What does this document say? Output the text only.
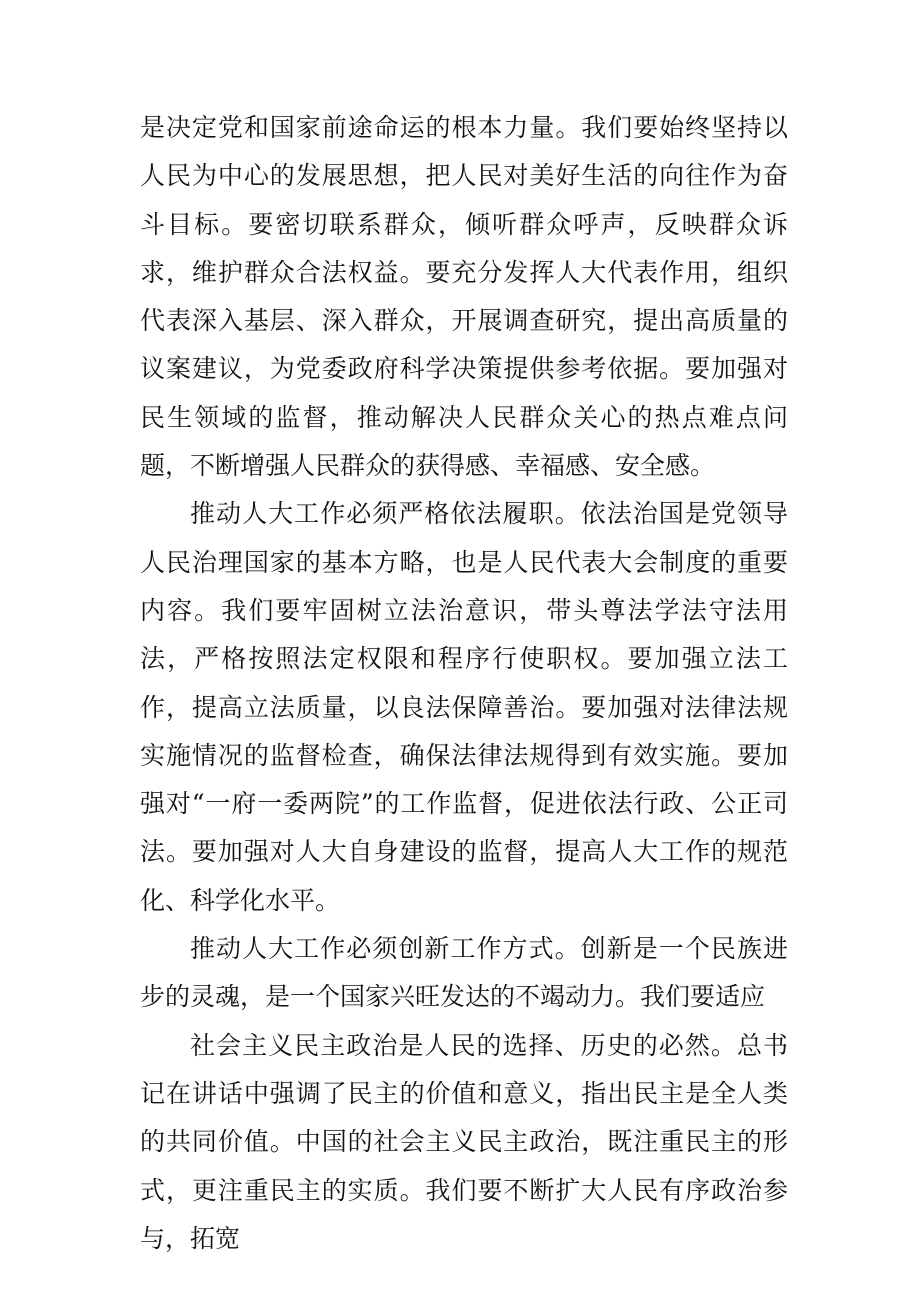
是决定党和国家前途命运的根本力量。我们要始终坚持以人民为中心的发展思想，把人民对美好生活的向往作为奋斗目标。要密切联系群众，倾听群众呼声，反映群众诉求，维护群众合法权益。要充分发挥人大代表作用，组织代表深入基层、深入群众，开展调查研究，提出高质量的议案建议，为党委政府科学决策提供参考依据。要加强对民生领域的监督，推动解决人民群众关心的热点难点问题，不断增强人民群众的获得感、幸福感、安全感。

推动人大工作必须严格依法履职。依法治国是党领导人民治理国家的基本方略，也是人民代表大会制度的重要内容。我们要牢固树立法治意识，带头尊法学法守法用法，严格按照法定权限和程序行使职权。要加强立法工作，提高立法质量，以良法保障善治。要加强对法律法规实施情况的监督检查，确保法律法规得到有效实施。要加强对“一府一委两院”的工作监督，促进依法行政、公正司法。要加强对人大自身建设的监督，提高人大工作的规范化、科学化水平。

推动人大工作必须创新工作方式。创新是一个民族进步的灵魂，是一个国家兴旺发达的不竭动力。我们要适应

社会主义民主政治是人民的选择、历史的必然。总书记在讲话中强调了民主的价值和意义，指出民主是全人类的共同价值。中国的社会主义民主政治，既注重民主的形式，更注重民主的实质。我们要不断扩大人民有序政治参与，拓宽
